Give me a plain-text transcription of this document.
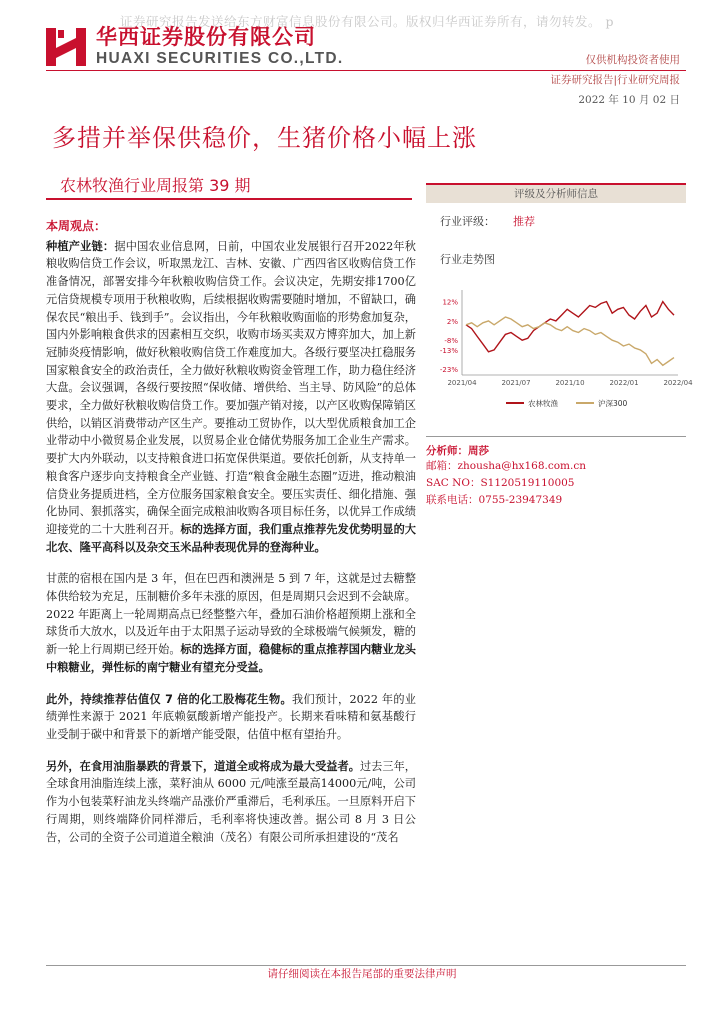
证券研究报告发送给东方财富信息股份有限公司。版权归华西证券所有，请勿转发。 p
华西证券股份有限公司
HUAXI SECURITIES CO.,LTD.	仅供机构投资者使用
证券研究报告|行业研究周报
2022 年 10 月 02 日
多措并举保供稳价，生猪价格小幅上涨
农林牧渔行业周报第 39 期
本周观点：
种植产业链：据中国农业信息网，日前，中国农业发展银行召开2022年秋粮收购信贷工作会议，听取黑龙江、吉林、安徽、广西四省区收购信贷工作准备情况，部署安排今年秋粮收购信贷工作。会议决定，先期安排1700亿元信贷规模专项用于秋粮收购，后续根据收购需要随时增加，不留缺口，确保农民“粮出手、钱到手”。会议指出，今年秋粮收购面临的形势愈加复杂，国内外影响粮食供求的因素相互交织，收购市场买卖双方博弈加大，加上新冠肺炎疫情影响，做好秋粮收购信贷工作难度加大。各级行要坚决扛稳服务国家粮食安全的政治责任，全力做好秋粮收购资金管理工作，助力稳住经济大盘。会议强调，各级行要按照“保收储、增供给、当主导、防风险”的总体要求，全力做好秋粮收购信贷工作。要加强产销对接，以产区收购保障销区供给，以销区消费带动产区生产。要推动工贸协作，以大型优质粮食加工企业带动中小微贸易企业发展，以贸易企业仓储优势服务加工企业生产需求。要扩大内外联动，以支持粮食进口拓宽保供渠道。要依托创新，从支持单一粮食客户逐步向支持粮食全产业链、打造“粮食金融生态圈”迈进，推动粮油信贷业务提质进档，全方位服务国家粮食安全。要压实责任、细化措施、强化协同、狠抓落实，确保全面完成粮油收购各项目标任务，以优异工作成绩迎接党的二十大胜利召开。标的选择方面，我们重点推荐先发优势明显的大北农、隆平高科以及杂交玉米品种表现优异的登海种业。
甘蔗的宿根在国内是 3 年，但在巴西和澳洲是 5 到 7 年，这就是过去糖整体供给较为充足，压制糖价多年未涨的原因，但是周期只会迟到不会缺席。2022 年距离上一轮周期高点已经整整六年，叠加石油价格超预期上涨和全球货币大放水，以及近年由于太阳黑子运动导致的全球极端气候频发，糖的新一轮上行周期已经开始。标的选择方面，稳健标的重点推荐国内糖业龙头中粮糖业，弹性标的南宁糖业有望充分受益。
此外，持续推荐估值仅 7 倍的化工股梅花生物。我们预计，2022 年的业绩弹性来源于 2021 年底赖氨酸新增产能投产。长期来看味精和氨基酸行业受制于碳中和背景下的新增产能受限，估值中枢有望抬升。
另外，在食用油脂暴跌的背景下，道道全或将成为最大受益者。过去三年，全球食用油脂连续上涨，菜籽油从 6000 元/吨涨至最高14000元/吨，公司作为小包装菜籽油龙头终端产品涨价严重滞后，毛利承压。一旦原料开启下行周期，则终端降价同样滞后，毛利率将快速改善。据公司 8 月 3 日公告，公司的全资子公司道道全粮油（茂名）有限公司所承担建设的“茂名
评级及分析师信息
行业评级： 推荐
行业走势图
12%
2%
-8%
-13%
-23%
2021/04	2021/07	2021/10	2022/01	2022/04
农林牧渔	沪深300
分析师：周莎
邮箱：zhousha@hx168.com.cn
SAC NO：S1120519110005
联系电话：0755-23947349
请仔细阅读在本报告尾部的重要法律声明
